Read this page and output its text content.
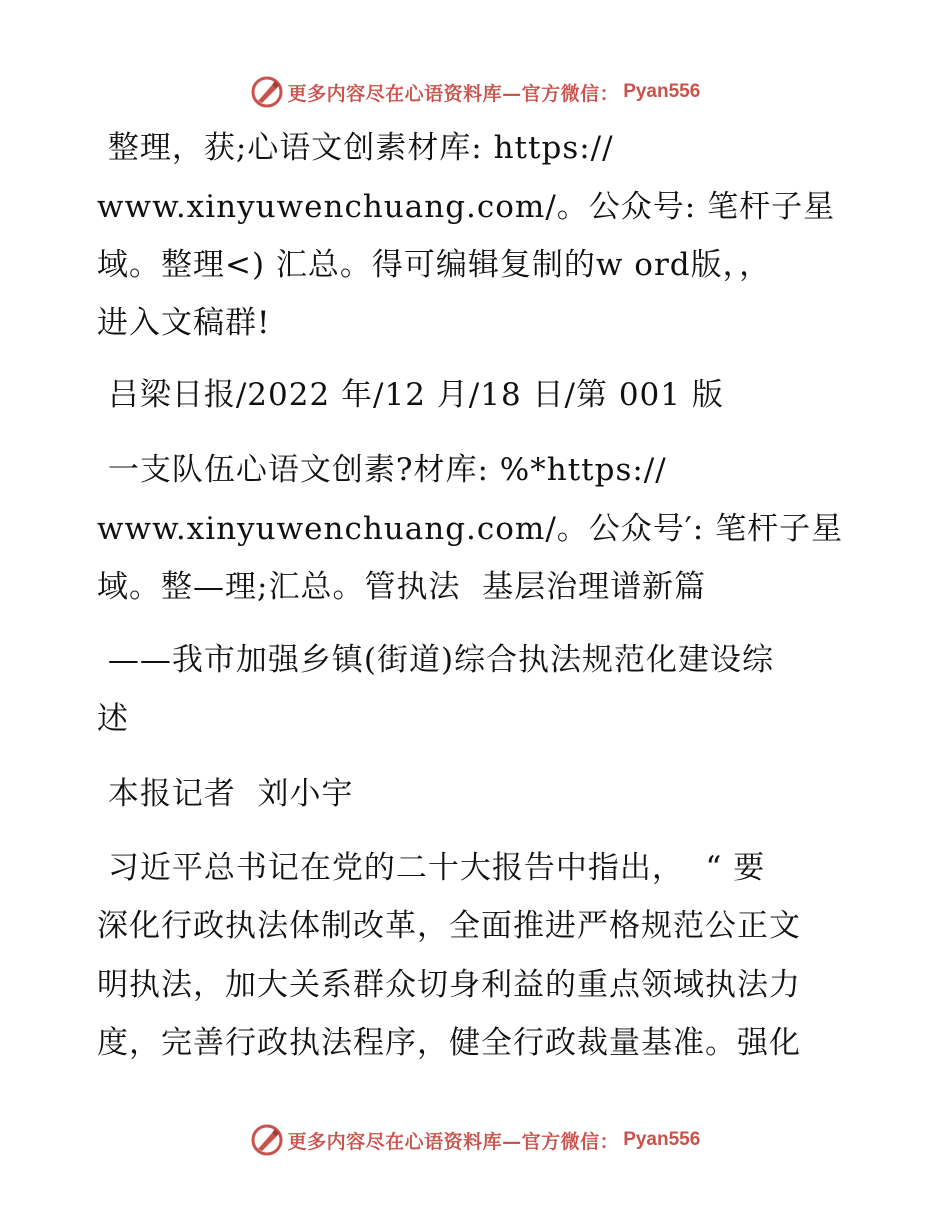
更多内容尽在心语资料库—官方微信： Pyan556
整理，获;心语文创素材库: https://
www.xinyuwenchuang.com/。公众号: 笔杆子星
域。整理<) 汇总。得可编辑复制的w ord版，，
进入文稿群!
吕梁日报/2022 年/12 月/18 日/第 001 版
一支队伍心语文创素?材库: %*https://
www.xinyuwenchuang.com/。公众号′: 笔杆子星
域。整—理;汇总。管执法  基层治理谱新篇
——我市加强乡镇(街道)综合执法规范化建设综
述
本报记者  刘小宇
习近平总书记在党的二十大报告中指出，  “ 要
深化行政执法体制改革，全面推进严格规范公正文
明执法，加大关系群众切身利益的重点领域执法力
度，完善行政执法程序，健全行政裁量基准。强化
更多内容尽在心语资料库—官方微信： Pyan556
